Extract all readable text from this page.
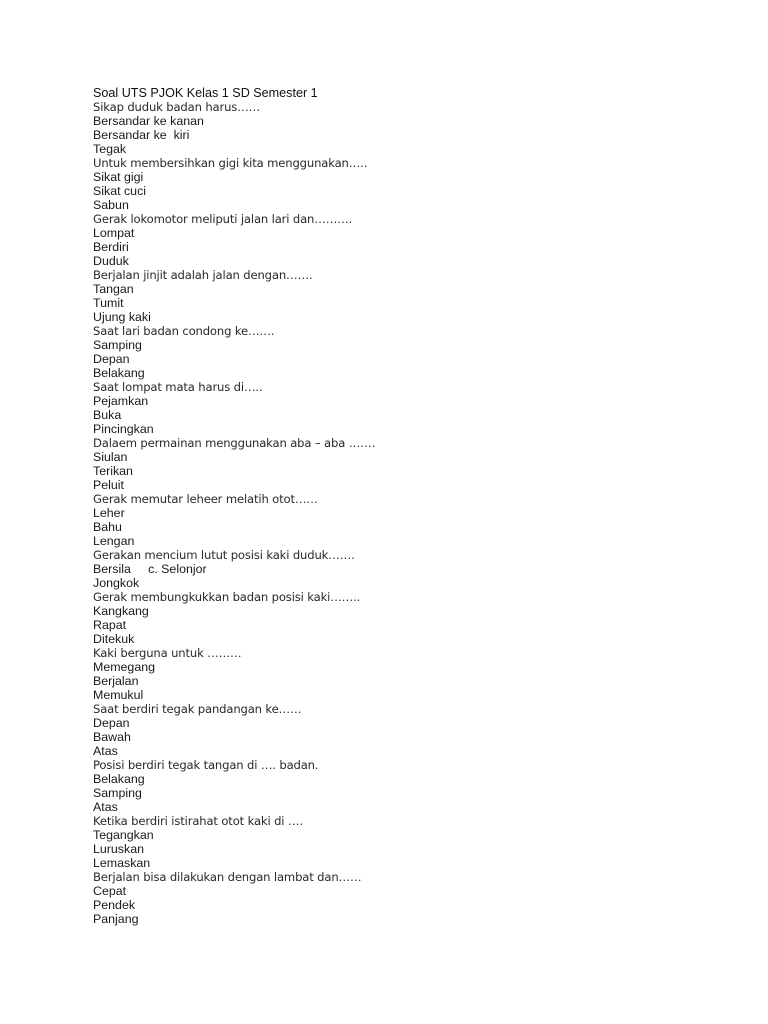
Soal UTS PJOK Kelas 1 SD Semester 1
Sikap duduk badan harus……
Bersandar ke kanan
Bersandar ke  kiri
Tegak
Untuk membersihkan gigi kita menggunakan…..
Sikat gigi
Sikat cuci
Sabun
Gerak lokomotor meliputi jalan lari dan……….
Lompat
Berdiri
Duduk
Berjalan jinjit adalah jalan dengan…….
Tangan
Tumit
Ujung kaki
Saat lari badan condong ke…….
Samping
Depan
Belakang
Saat lompat mata harus di…..
Pejamkan
Buka
Pincingkan
Dalaem permainan menggunakan aba – aba …….
Siulan
Terikan
Peluit
Gerak memutar leheer melatih otot……
Leher
Bahu
Lengan
Gerakan mencium lutut posisi kaki duduk…….
Bersila     c. Selonjor
Jongkok
Gerak membungkukkan badan posisi kaki……..
Kangkang
Rapat
Ditekuk
Kaki berguna untuk ………
Memegang
Berjalan
Memukul
Saat berdiri tegak pandangan ke……
Depan
Bawah
Atas
Posisi berdiri tegak tangan di …. badan.
Belakang
Samping
Atas
Ketika berdiri istirahat otot kaki di ….
Tegangkan
Luruskan
Lemaskan
Berjalan bisa dilakukan dengan lambat dan……
Cepat
Pendek
Panjang
